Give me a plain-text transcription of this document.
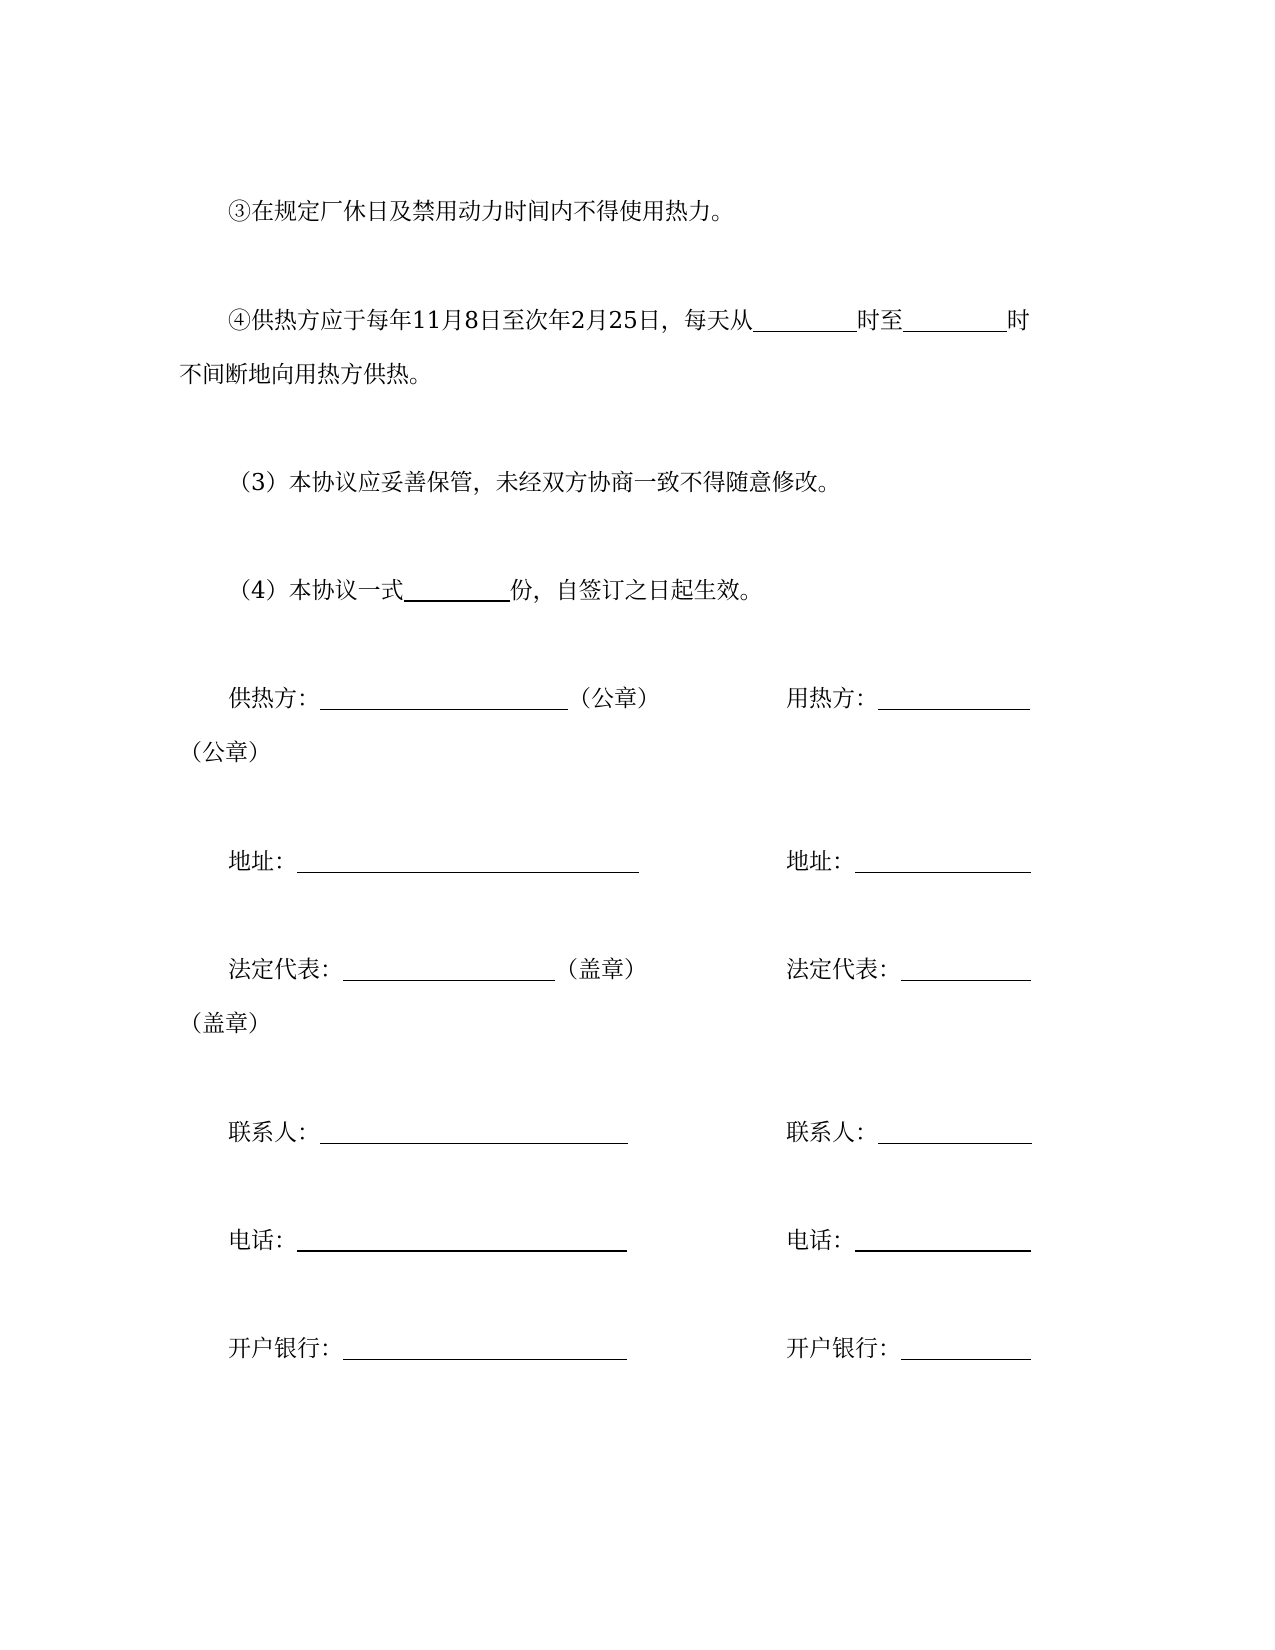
③在规定厂休日及禁用动力时间内不得使用热力。
④供热方应于每年11月8日至次年2月25日，每天从	时至	时
不间断地向用热方供热。
（3）本协议应妥善保管，未经双方协商一致不得随意修改。
（4）本协议一式	份，自签订之日起生效。
供热方：	（公章）	用热方：
（公章）
地址：	地址：
法定代表：	（盖章）	法定代表：
（盖章）
联系人：	联系人：
电话：	电话：
开户银行：	开户银行：
